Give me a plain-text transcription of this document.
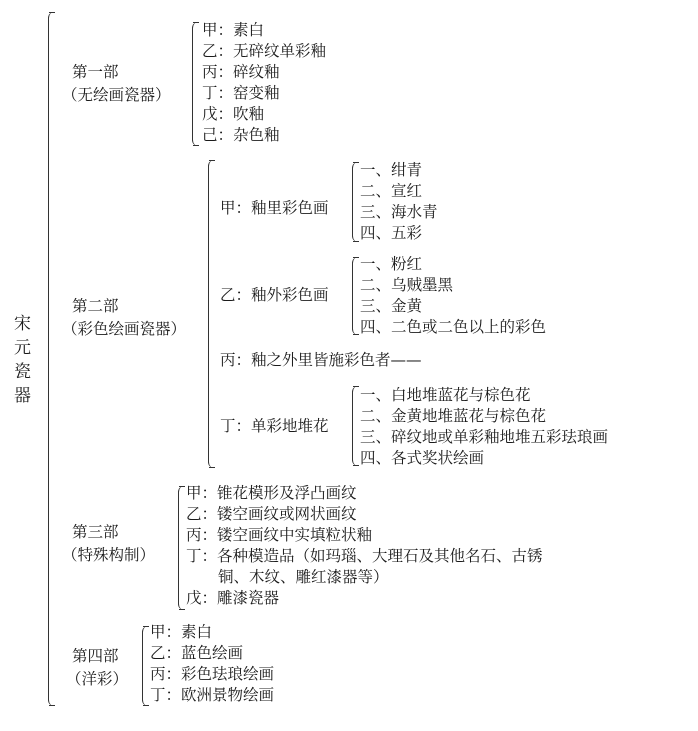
宋
元
瓷
器
第一部
（无绘画瓷器）
甲：素白
乙：无碎纹单彩釉
丙：碎纹釉
丁：窑变釉
戊：吹釉
己：杂色釉
第二部
（彩色绘画瓷器）
甲：釉里彩色画
一、绀青
二、宣红
三、海水青
四、五彩
乙：釉外彩色画
一、粉红
二、乌贼墨黑
三、金黄
四、二色或二色以上的彩色
丙：釉之外里皆施彩色者——
丁：单彩地堆花
一、白地堆蓝花与棕色花
二、金黄地堆蓝花与棕色花
三、碎纹地或单彩釉地堆五彩珐琅画
四、各式奖状绘画
第三部
（特殊构制）
甲：锥花模形及浮凸画纹
乙：镂空画纹或网状画纹
丙：镂空画纹中实填粒状釉
丁：各种模造品（如玛瑙、大理石及其他名石、古锈
铜、木纹、雕红漆器等）
戊：雕漆瓷器
第四部
（洋彩）
甲：素白
乙：蓝色绘画
丙：彩色珐琅绘画
丁：欧洲景物绘画
